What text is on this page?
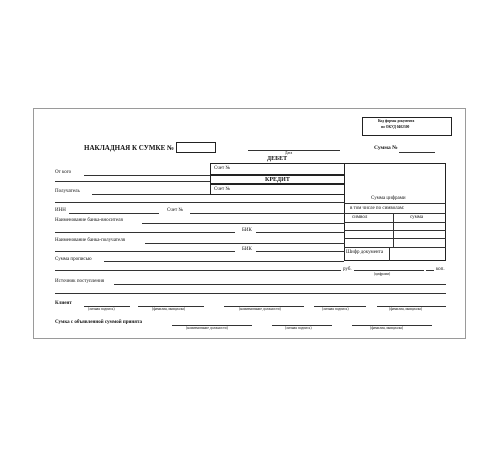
Код формы документа
по ОКУД 0402300
НАКЛАДНАЯ К СУМКЕ №
Дата
Сумма №
ДЕБЕТ
От кого
Счет №
КРЕДИТ
Получатель	Счет №
Сумма цифрами
в том числе по символам:
символ	сумма
Шифр документа
ИНН	Счет №
Наименование банка-вносителя
БИК
Наименование банка-получателя
БИК
Сумма прописью
руб.	коп.
(цифрами)
Источник поступления
Клиент
(личная подпись)	(фамилия, инициалы)	(наименование должности)	(личная подпись)	(фамилия, инициалы)
Сумка с объявленной суммой принята
(наименование должности)	(личная подпись)	(фамилия, инициалы)
